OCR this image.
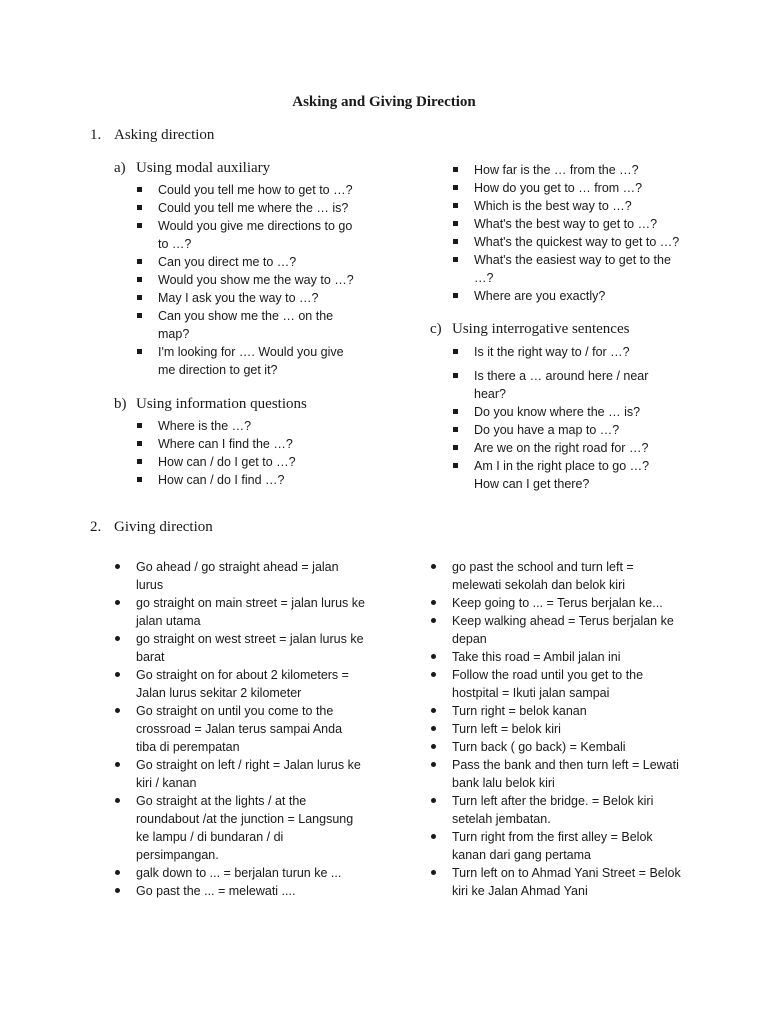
Asking and Giving Direction
1. Asking direction
a) Using modal auxiliary
Could you tell me how to get to …?
Could you tell me where the … is?
Would you give me directions to go to …?
Can you direct me to …?
Would you show me the way to …?
May I ask you the way to …?
Can you show me the … on the map?
I'm looking for …. Would you give me direction to get it?
b) Using information questions
Where is the …?
Where can I find the …?
How can / do I get to …?
How can / do I find …?
How far is the … from the …?
How do you get to … from …?
Which is the best way to …?
What's the best way to get to …?
What's the quickest way to get to …?
What's the easiest way to get to the …?
Where are you exactly?
c) Using interrogative sentences
Is it the right way to / for …?
Is there a … around here / near hear?
Do you know where the … is?
Do you have a map to …?
Are we on the right road for …?
Am I in the right place to go …? How can I get there?
2. Giving direction
Go ahead / go straight ahead = jalan lurus
go straight on main street = jalan lurus ke jalan utama
go straight on west street = jalan lurus ke barat
Go straight on for about 2 kilometers = Jalan lurus sekitar 2 kilometer
Go straight on until you come to the crossroad = Jalan terus sampai Anda tiba di perempatan
Go straight on left / right = Jalan lurus ke kiri / kanan
Go straight at the lights / at the roundabout /at the junction = Langsung ke lampu / di bundaran / di persimpangan.
galk down to ... = berjalan turun ke ...
Go past the ... = melewati ....
go past the school and turn left = melewati sekolah dan belok kiri
Keep going to ... = Terus berjalan ke...
Keep walking ahead = Terus berjalan ke depan
Take this road = Ambil jalan ini
Follow the road until you get to the hostpital = Ikuti jalan sampai
Turn right = belok kanan
Turn left = belok kiri
Turn back ( go back) = Kembali
Pass the bank and then turn left = Lewati bank lalu belok kiri
Turn left after the bridge. = Belok kiri setelah jembatan.
Turn right from the first alley = Belok kanan dari gang pertama
Turn left on to Ahmad Yani Street = Belok kiri ke Jalan Ahmad Yani
